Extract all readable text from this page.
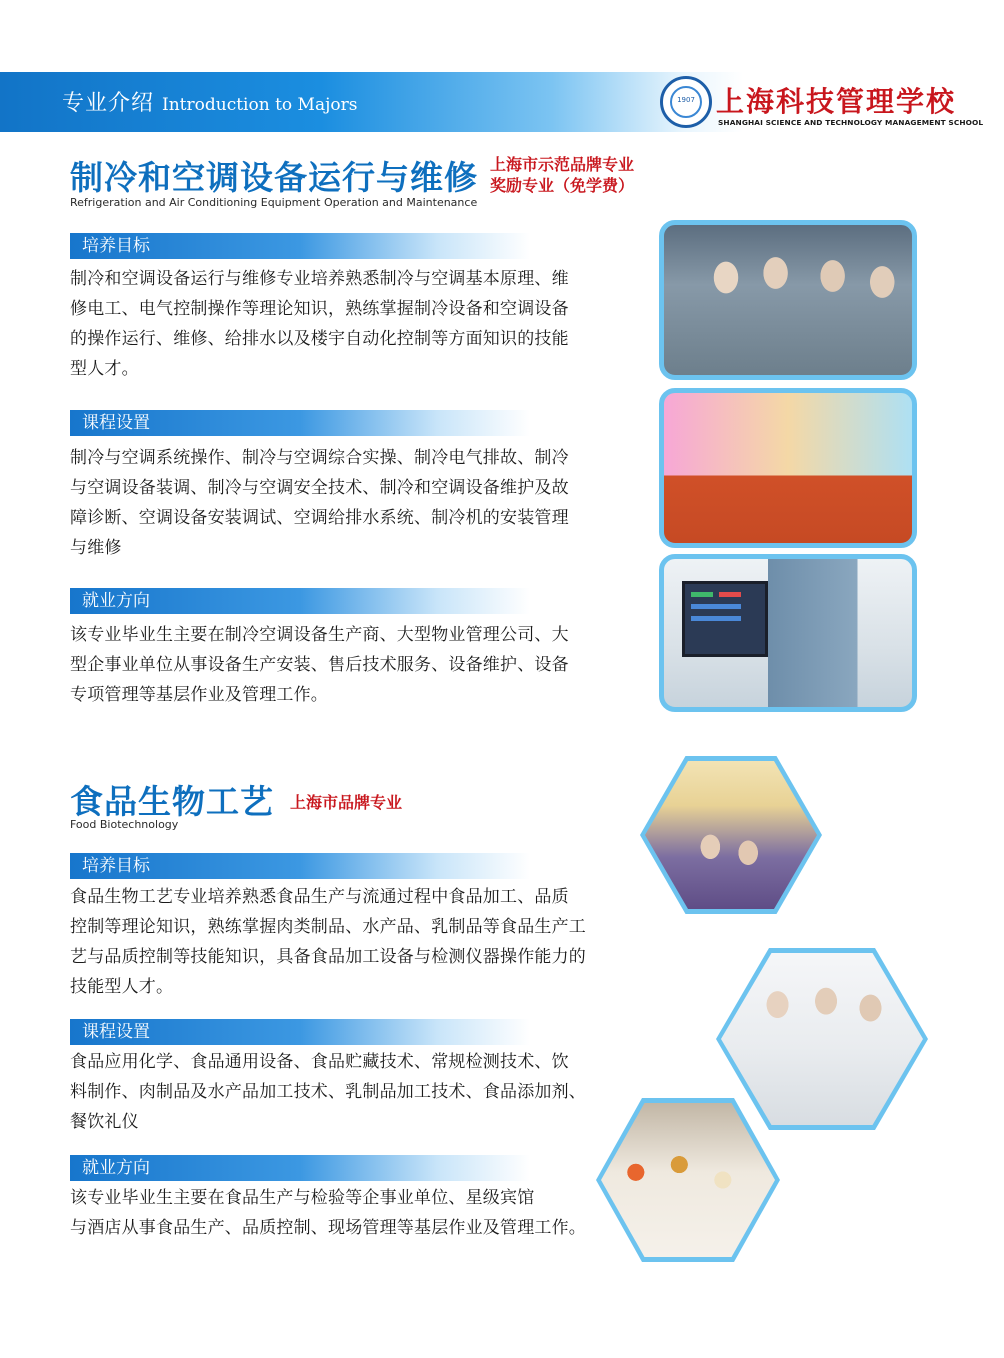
专业介绍 Introduction to Majors	1907 上海科技管理学校
SHANGHAI SCIENCE AND TECHNOLOGY MANAGEMENT SCHOOL
制冷和空调设备运行与维修
Refrigeration and Air Conditioning Equipment Operation and Maintenance
上海市示范品牌专业
奖励专业（免学费）
培养目标

制冷和空调设备运行与维修专业培养熟悉制冷与空调基本原理、维

修电工、电气控制操作等理论知识，熟练掌握制冷设备和空调设备

的操作运行、维修、给排水以及楼宇自动化控制等方面知识的技能

型人才。

课程设置

制冷与空调系统操作、制冷与空调综合实操、制冷电气排故、制冷

与空调设备装调、制冷与空调安全技术、制冷和空调设备维护及故

障诊断、空调设备安装调试、空调给排水系统、制冷机的安装管理

与维修

就业方向

该专业毕业生主要在制冷空调设备生产商、大型物业管理公司、大

型企事业单位从事设备生产安装、售后技术服务、设备维护、设备

专项管理等基层作业及管理工作。

食品生物工艺
Food Biotechnology
上海市品牌专业
培养目标

食品生物工艺专业培养熟悉食品生产与流通过程中食品加工、品质

控制等理论知识，熟练掌握肉类制品、水产品、乳制品等食品生产工

艺与品质控制等技能知识，具备食品加工设备与检测仪器操作能力的

技能型人才。

课程设置

食品应用化学、食品通用设备、食品贮藏技术、常规检测技术、饮

料制作、肉制品及水产品加工技术、乳制品加工技术、食品添加剂、

餐饮礼仪

就业方向

该专业毕业生主要在食品生产与检验等企事业单位、星级宾馆

与酒店从事食品生产、品质控制、现场管理等基层作业及管理工作。
